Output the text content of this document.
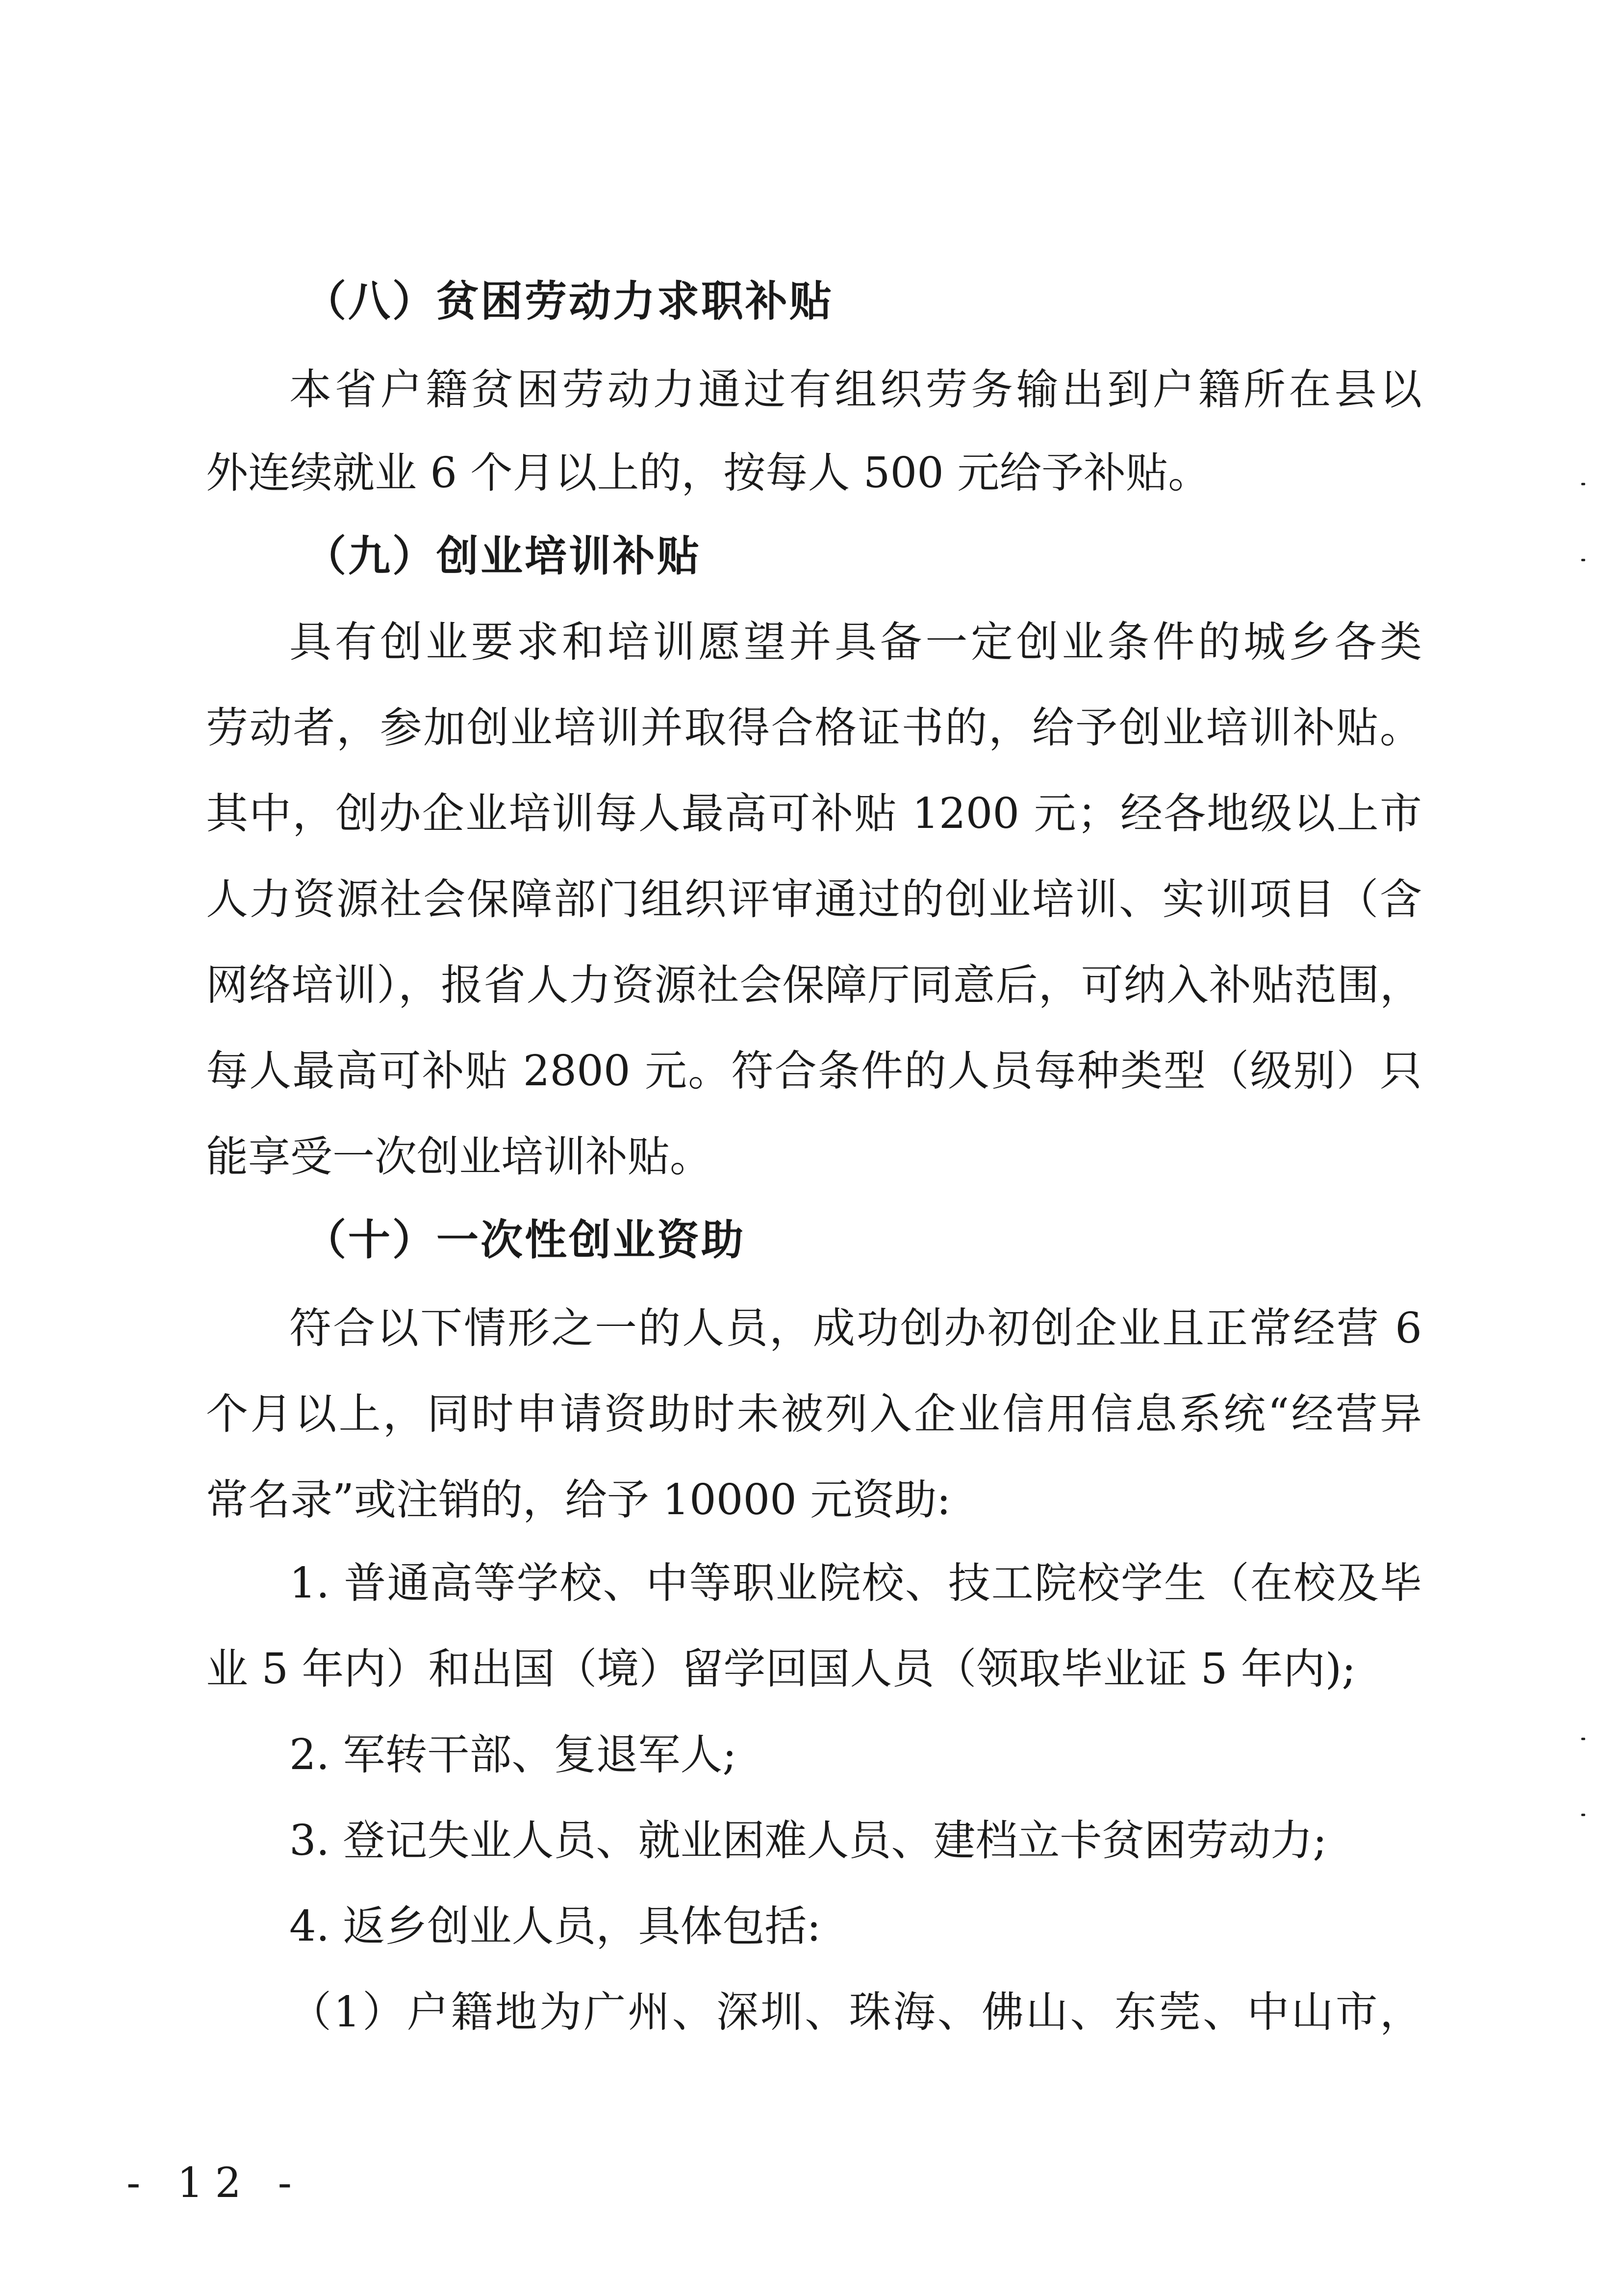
（八）贫困劳动力求职补贴
本省户籍贫困劳动力通过有组织劳务输出到户籍所在县以
外连续就业 6 个月以上的，按每人 500 元给予补贴。
（九）创业培训补贴
具有创业要求和培训愿望并具备一定创业条件的城乡各类
劳动者，参加创业培训并取得合格证书的，给予创业培训补贴。
其中，创办企业培训每人最高可补贴 1200 元；经各地级以上市
人力资源社会保障部门组织评审通过的创业培训、实训项目（含
网络培训），报省人力资源社会保障厅同意后，可纳入补贴范围，
每人最高可补贴 2800 元。符合条件的人员每种类型（级别）只
能享受一次创业培训补贴。
（十）一次性创业资助
符合以下情形之一的人员，成功创办初创企业且正常经营 6
个月以上，同时申请资助时未被列入企业信用信息系统“经营异
常名录”或注销的，给予 10000 元资助:
1. 普通高等学校、中等职业院校、技工院校学生（在校及毕
业 5 年内）和出国（境）留学回国人员（领取毕业证 5 年内);
2. 军转干部、复退军人;
3. 登记失业人员、就业困难人员、建档立卡贫困劳动力;
4. 返乡创业人员，具体包括:
（1）户籍地为广州、深圳、珠海、佛山、东莞、中山市，
- 12 -
